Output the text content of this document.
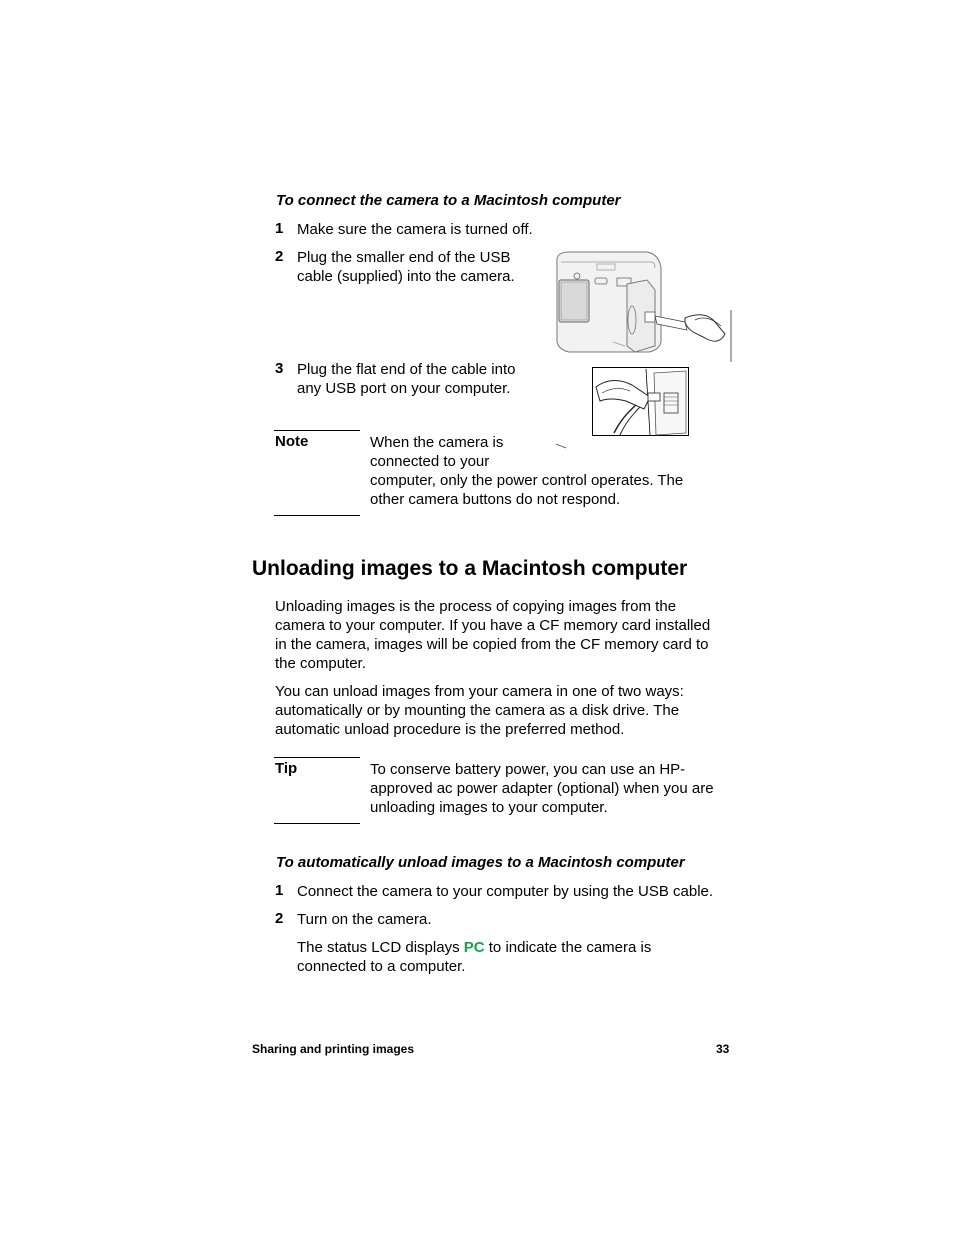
To connect the camera to a Macintosh computer
1 Make sure the camera is turned off.
2 Plug the smaller end of the USB
cable (supplied) into the camera.
3 Plug the flat end of the cable into
any USB port on your computer.
Note	When the camera is
connected to your
computer, only the power control operates. The
other camera buttons do not respond.
Unloading images to a Macintosh computer
Unloading images is the process of copying images from the
camera to your computer. If you have a CF memory card installed
in the camera, images will be copied from the CF memory card to
the computer.
You can unload images from your camera in one of two ways:
automatically or by mounting the camera as a disk drive. The
automatic unload procedure is the preferred method.
Tip	To conserve battery power, you can use an HP-
approved ac power adapter (optional) when you are
unloading images to your computer.
To automatically unload images to a Macintosh computer
1 Connect the camera to your computer by using the USB cable.
2 Turn on the camera.
The status LCD displays PC to indicate the camera is
connected to a computer.
Sharing and printing images	33
